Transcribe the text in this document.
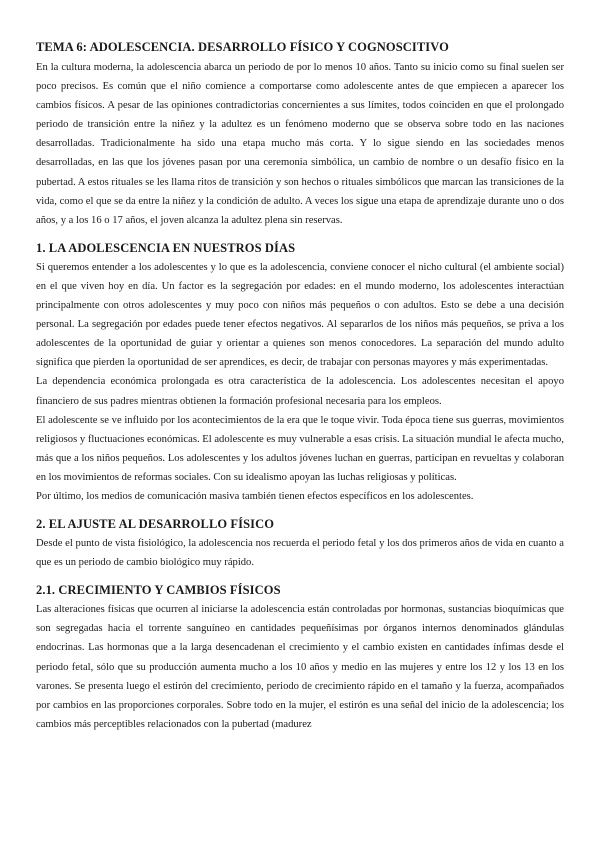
TEMA 6: ADOLESCENCIA. DESARROLLO FÍSICO Y COGNOSCITIVO

En la cultura moderna, la adolescencia abarca un periodo de por lo menos 10 años. Tanto su inicio como su final suelen ser poco precisos. Es común que el niño comience a comportarse como adolescente antes de que empiecen a aparecer los cambios físicos. A pesar de las opiniones contradictorias concernientes a sus límites, todos coinciden en que el prolongado periodo de transición entre la niñez y la adultez es un fenómeno moderno que se observa sobre todo en las naciones desarrolladas. Tradicionalmente ha sido una etapa mucho más corta. Y lo sigue siendo en las sociedades menos desarrolladas, en las que los jóvenes pasan por una ceremonia simbólica, un cambio de nombre o un desafío físico en la pubertad. A estos rituales se les llama ritos de transición y son hechos o rituales simbólicos que marcan las transiciones de la vida, como el que se da entre la niñez y la condición de adulto. A veces los sigue una etapa de aprendizaje durante uno o dos años, y a los 16 o 17 años, el joven alcanza la adultez plena sin reservas.

1. LA ADOLESCENCIA EN NUESTROS DÍAS

Si queremos entender a los adolescentes y lo que es la adolescencia, conviene conocer el nicho cultural (el ambiente social) en el que viven hoy en día. Un factor es la segregación por edades: en el mundo moderno, los adolescentes interactúan principalmente con otros adolescentes y muy poco con niños más pequeños o con adultos. Esto se debe a una decisión personal. La segregación por edades puede tener efectos negativos. Al separarlos de los niños más pequeños, se priva a los adolescentes de la oportunidad de guiar y orientar a quienes son menos conocedores. La separación del mundo adulto significa que pierden la oportunidad de ser aprendices, es decir, de trabajar con personas mayores y más experimentadas.

La dependencia económica prolongada es otra característica de la adolescencia. Los adolescentes necesitan el apoyo financiero de sus padres mientras obtienen la formación profesional necesaria para los empleos.

El adolescente se ve influido por los acontecimientos de la era que le toque vivir. Toda época tiene sus guerras, movimientos religiosos y fluctuaciones económicas. El adolescente es muy vulnerable a esas crisis. La situación mundial le afecta mucho, más que a los niños pequeños. Los adolescentes y los adultos jóvenes luchan en guerras, participan en revueltas y colaboran en los movimientos de reformas sociales. Con su idealismo apoyan las luchas religiosas y políticas.

Por último, los medios de comunicación masiva también tienen efectos específicos en los adolescentes.

2. EL AJUSTE AL DESARROLLO FÍSICO

Desde el punto de vista fisiológico, la adolescencia nos recuerda el periodo fetal y los dos primeros años de vida en cuanto a que es un periodo de cambio biológico muy rápido.

2.1. CRECIMIENTO Y CAMBIOS FÍSICOS

Las alteraciones físicas que ocurren al iniciarse la adolescencia están controladas por hormonas, sustancias bioquímicas que son segregadas hacia el torrente sanguíneo en cantidades pequeñísimas por órganos internos denominados glándulas endocrinas. Las hormonas que a la larga desencadenan el crecimiento y el cambio existen en cantidades ínfimas desde el periodo fetal, sólo que su producción aumenta mucho a los 10 años y medio en las mujeres y entre los 12 y los 13 en los varones. Se presenta luego el estirón del crecimiento, periodo de crecimiento rápido en el tamaño y la fuerza, acompañados por cambios en las proporciones corporales. Sobre todo en la mujer, el estirón es una señal del inicio de la adolescencia; los cambios más perceptibles relacionados con la pubertad (madurez
